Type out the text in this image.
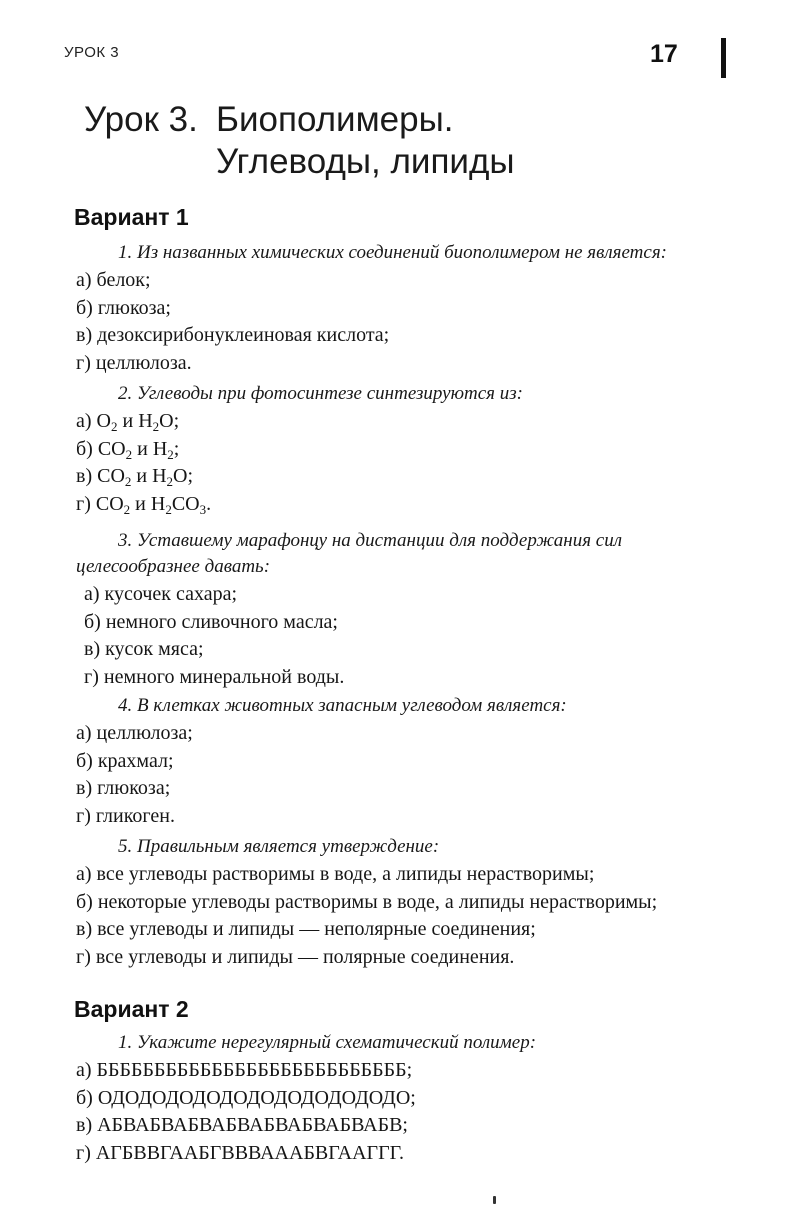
УРОК 3	17
Урок 3. Биополимеры.
Углеводы, липиды
Вариант 1

1. Из названных химических соединений биополимером не является:

а) белок;

б) глюкоза;

в) дезоксирибонуклеиновая кислота;

г) целлюлоза.

2. Углеводы при фотосинтезе синтезируются из:

а) $O_2$ и $H_2O$;

б) $CO_2$ и $H_2$;

в) $CO_2$ и $H_2O$;

г) $CO_2$ и $H_2CO_3$.

3. Уставшему марафонцу на дистанции для поддержания сил целесообразнее давать:

а) кусочек сахара;

б) немного сливочного масла;

в) кусок мяса;

г) немного минеральной воды.

4. В клетках животных запасным углеводом является:

а) целлюлоза;

б) крахмал;

в) глюкоза;

г) гликоген.

5. Правильным является утверждение:

а) все углеводы растворимы в воде, а липиды нерастворимы;

б) некоторые углеводы растворимы в воде, а липиды нерастворимы;

в) все углеводы и липиды — неполярные соединения;

г) все углеводы и липиды — полярные соединения.

Вариант 2

1. Укажите нерегулярный схематический полимер:

а) БББББББББББББББББББББББББББ;

б) ОДОДОДОДОДОДОДОДОДОДОДО;

в) АБВАБВАБВАБВАБВАБВАБВАБВ;

г) АГБВВГААБГВВВАААБВГААГГГ.
